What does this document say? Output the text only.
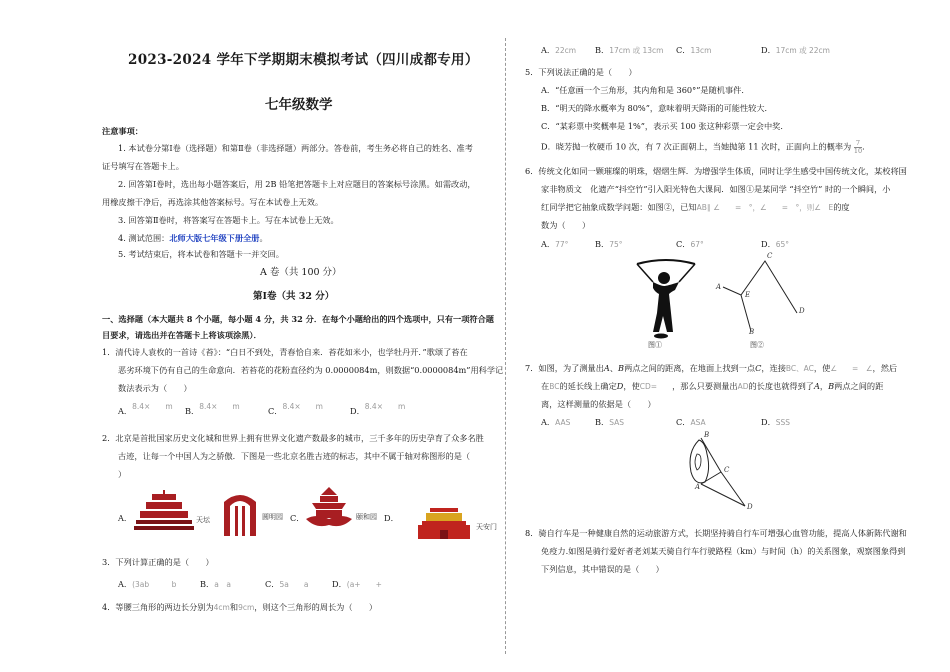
2023-2024 学年下学期期末模拟考试（四川成都专用）
七年级数学
注意事项：
1. 本试卷分第Ⅰ卷（选择题）和第Ⅱ卷（非选择题）两部分。答卷前，考生务必将自己的姓名、准考
证号填写在答题卡上。
2. 回答第Ⅰ卷时，选出每小题答案后，用 2B 铅笔把答题卡上对应题目的答案标号涂黑。如需改动，
用橡皮擦干净后，再选涂其他答案标号。写在本试卷上无效。
3. 回答第Ⅱ卷时，将答案写在答题卡上。写在本试卷上无效。
4. 测试范围：北师大版七年级下册全册。
5. 考试结束后，将本试卷和答题卡一并交回。
A 卷（共 100 分）
第Ⅰ卷（共 32 分）
一、选择题（本大题共 8 个小题，每小题 4 分，共 32 分．在每个小题给出的四个选项中，只有一项符合题
目要求，请选出并在答题卡上将该项涂黑）．
1．清代诗人袁枚的一首诗《苔》：“白日不到处，青春恰自来．苔花如米小，也学牡丹开．”歌颂了苔在
恶劣环境下仍有自己的生命意向．若苔花的花粉直径约为 0.0000084m，则数据“0.0000084m”用科学记
数法表示为（　　）
A．8.4×　　m B．8.4×　　m	C．8.4×　　m	D．8.4×　　m
2．北京是首批国家历史文化城和世界上拥有世界文化遗产数最多的城市，三千多年的历史孕育了众多名胜
古迹，让每一个中国人为之骄傲．下图是一些北京名胜古迹的标志，其中不属于轴对称图形的是（
）
A．	天坛	圆明园 C．	颐和园 D．
天安门
3．下列计算正确的是（　　）
A．(3ab　　　b	B．a　a　　 C．5a　　a	D．(a+　　+
4．等腰三角形的两边长分别为4cm和9cm，则这个三角形的周长为（　　）
A．22cm B．17cm 或 13cm C．13cm	D．17cm 或 22cm
5．下列说法正确的是（　　）
A．“任意画一个三角形，其内角和是 360°”是随机事件．
B．“明天的降水概率为 80%”，意味着明天降雨的可能性较大．
C．“某彩票中奖概率是 1%”，表示买 100 张这种彩票一定会中奖．
D．晓芳抛一枚硬币 10 次，有 7 次正面朝上，当她抛第 11 次时，正面向上的概率为 $\frac{7}{10}$ ．
6．传统文化如同一颗璀璨的明珠，熠熠生辉．为增强学生体质，同时让学生感受中国传统文化，某校将国
家非物质文　化遗产“抖空竹”引入阳光特色大课间．如图①是某同学 “抖空竹” 时的一个瞬间，小
红同学把它抽象成数学问题：如图②，已知AB∥ ∠　　=　°，∠　　=　°，则∠　E的度
数为（　　）
A．77°	B．75°	C．67°	D．65°
图①
A
B
C
D
E
图②
7．如图，为了测量出A、B两点之间的距离，在地面上找到一点C，连接BC、AC，使∠　　=　∠，然后
在BC的延长线上确定D，使CD=　　，那么只要测量出AD的长度也就得到了A，B两点之间的距
离，这样测量的依据是（　　）
A．AAS	B．SAS	C．ASA	D．SSS
B
C
A
D
8．骑自行车是一种健康自然的运动旅游方式，长期坚持骑自行车可增强心血管功能，提高人体新陈代谢和
免疫力.如图是骑行爱好者老刘某天骑自行车行驶路程（km）与时间（h）的关系图象，观察图象得到
下列信息，其中错误的是（　　）
